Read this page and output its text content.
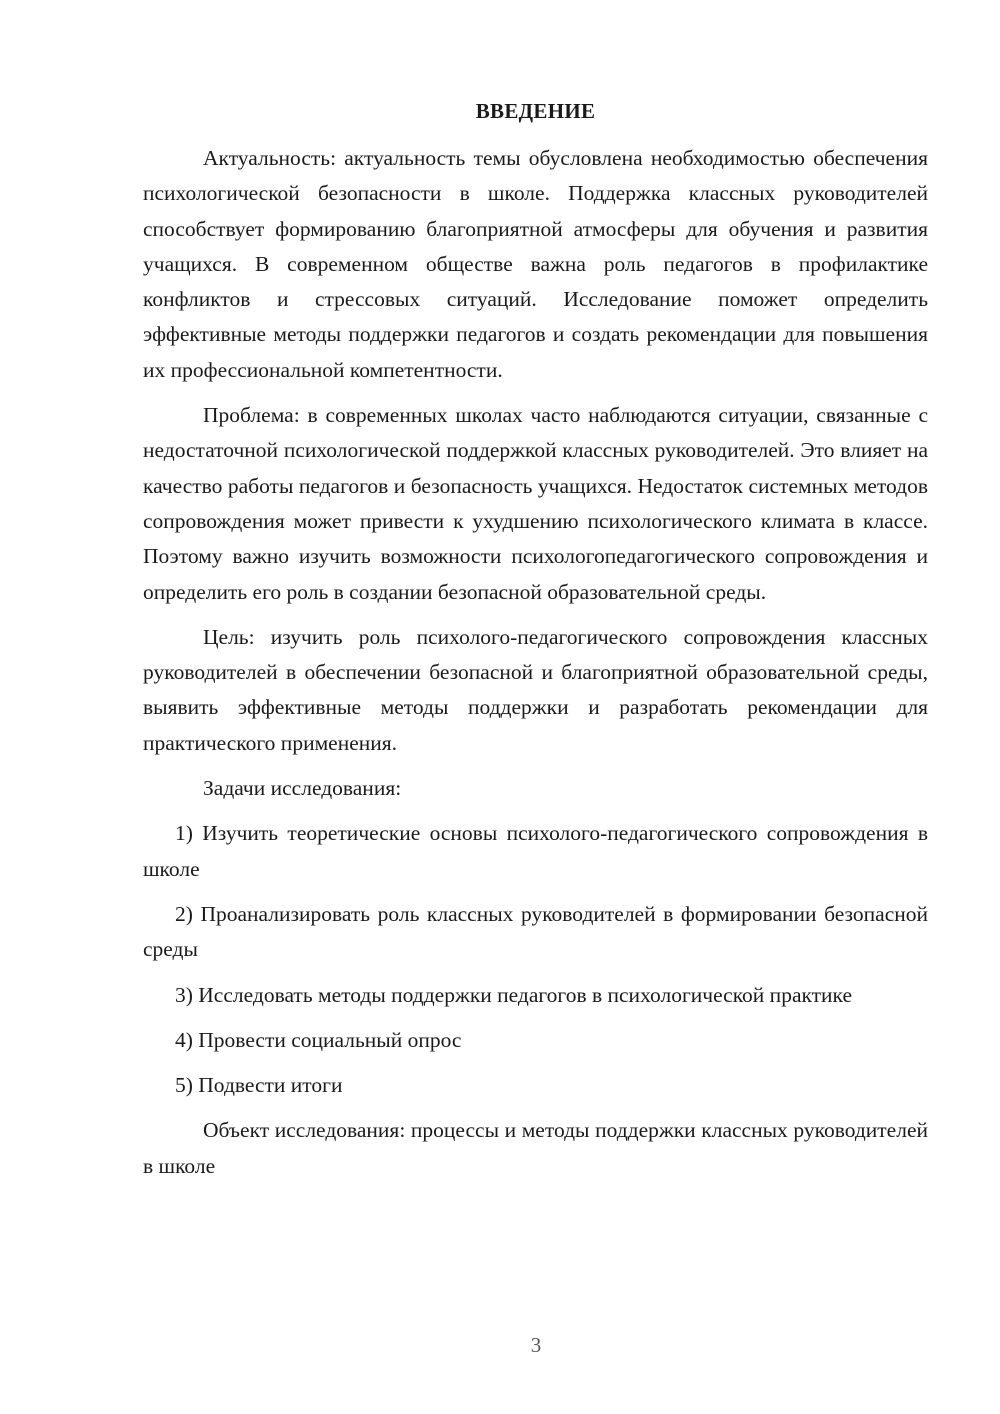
ВВЕДЕНИЕ

Актуальность: актуальность темы обусловлена необходимостью обеспечения психологической безопасности в школе. Поддержка классных руководителей способствует формированию благоприятной атмосферы для обучения и развития учащихся. В современном обществе важна роль педагогов в профилактике конфликтов и стрессовых ситуаций. Исследование поможет определить эффективные методы поддержки педагогов и создать рекомендации для повышения их профессиональной компетентности.

Проблема: в современных школах часто наблюдаются ситуации, связанные с недостаточной психологической поддержкой классных руководителей. Это влияет на качество работы педагогов и безопасность учащихся. Недостаток системных методов сопровождения может привести к ухудшению психологического климата в классе. Поэтому важно изучить возможности психологопедагогического сопровождения и определить его роль в создании безопасной образовательной среды.

Цель: изучить роль психолого-педагогического сопровождения классных руководителей в обеспечении безопасной и благоприятной образовательной среды, выявить эффективные методы поддержки и разработать рекомендации для практического применения.

Задачи исследования:

1) Изучить теоретические основы психолого-педагогического сопровождения в школе

2) Проанализировать роль классных руководителей в формировании безопасной среды

3) Исследовать методы поддержки педагогов в психологической практике

4) Провести социальный опрос

5) Подвести итоги

Объект исследования: процессы и методы поддержки классных руководителей в школе

3
